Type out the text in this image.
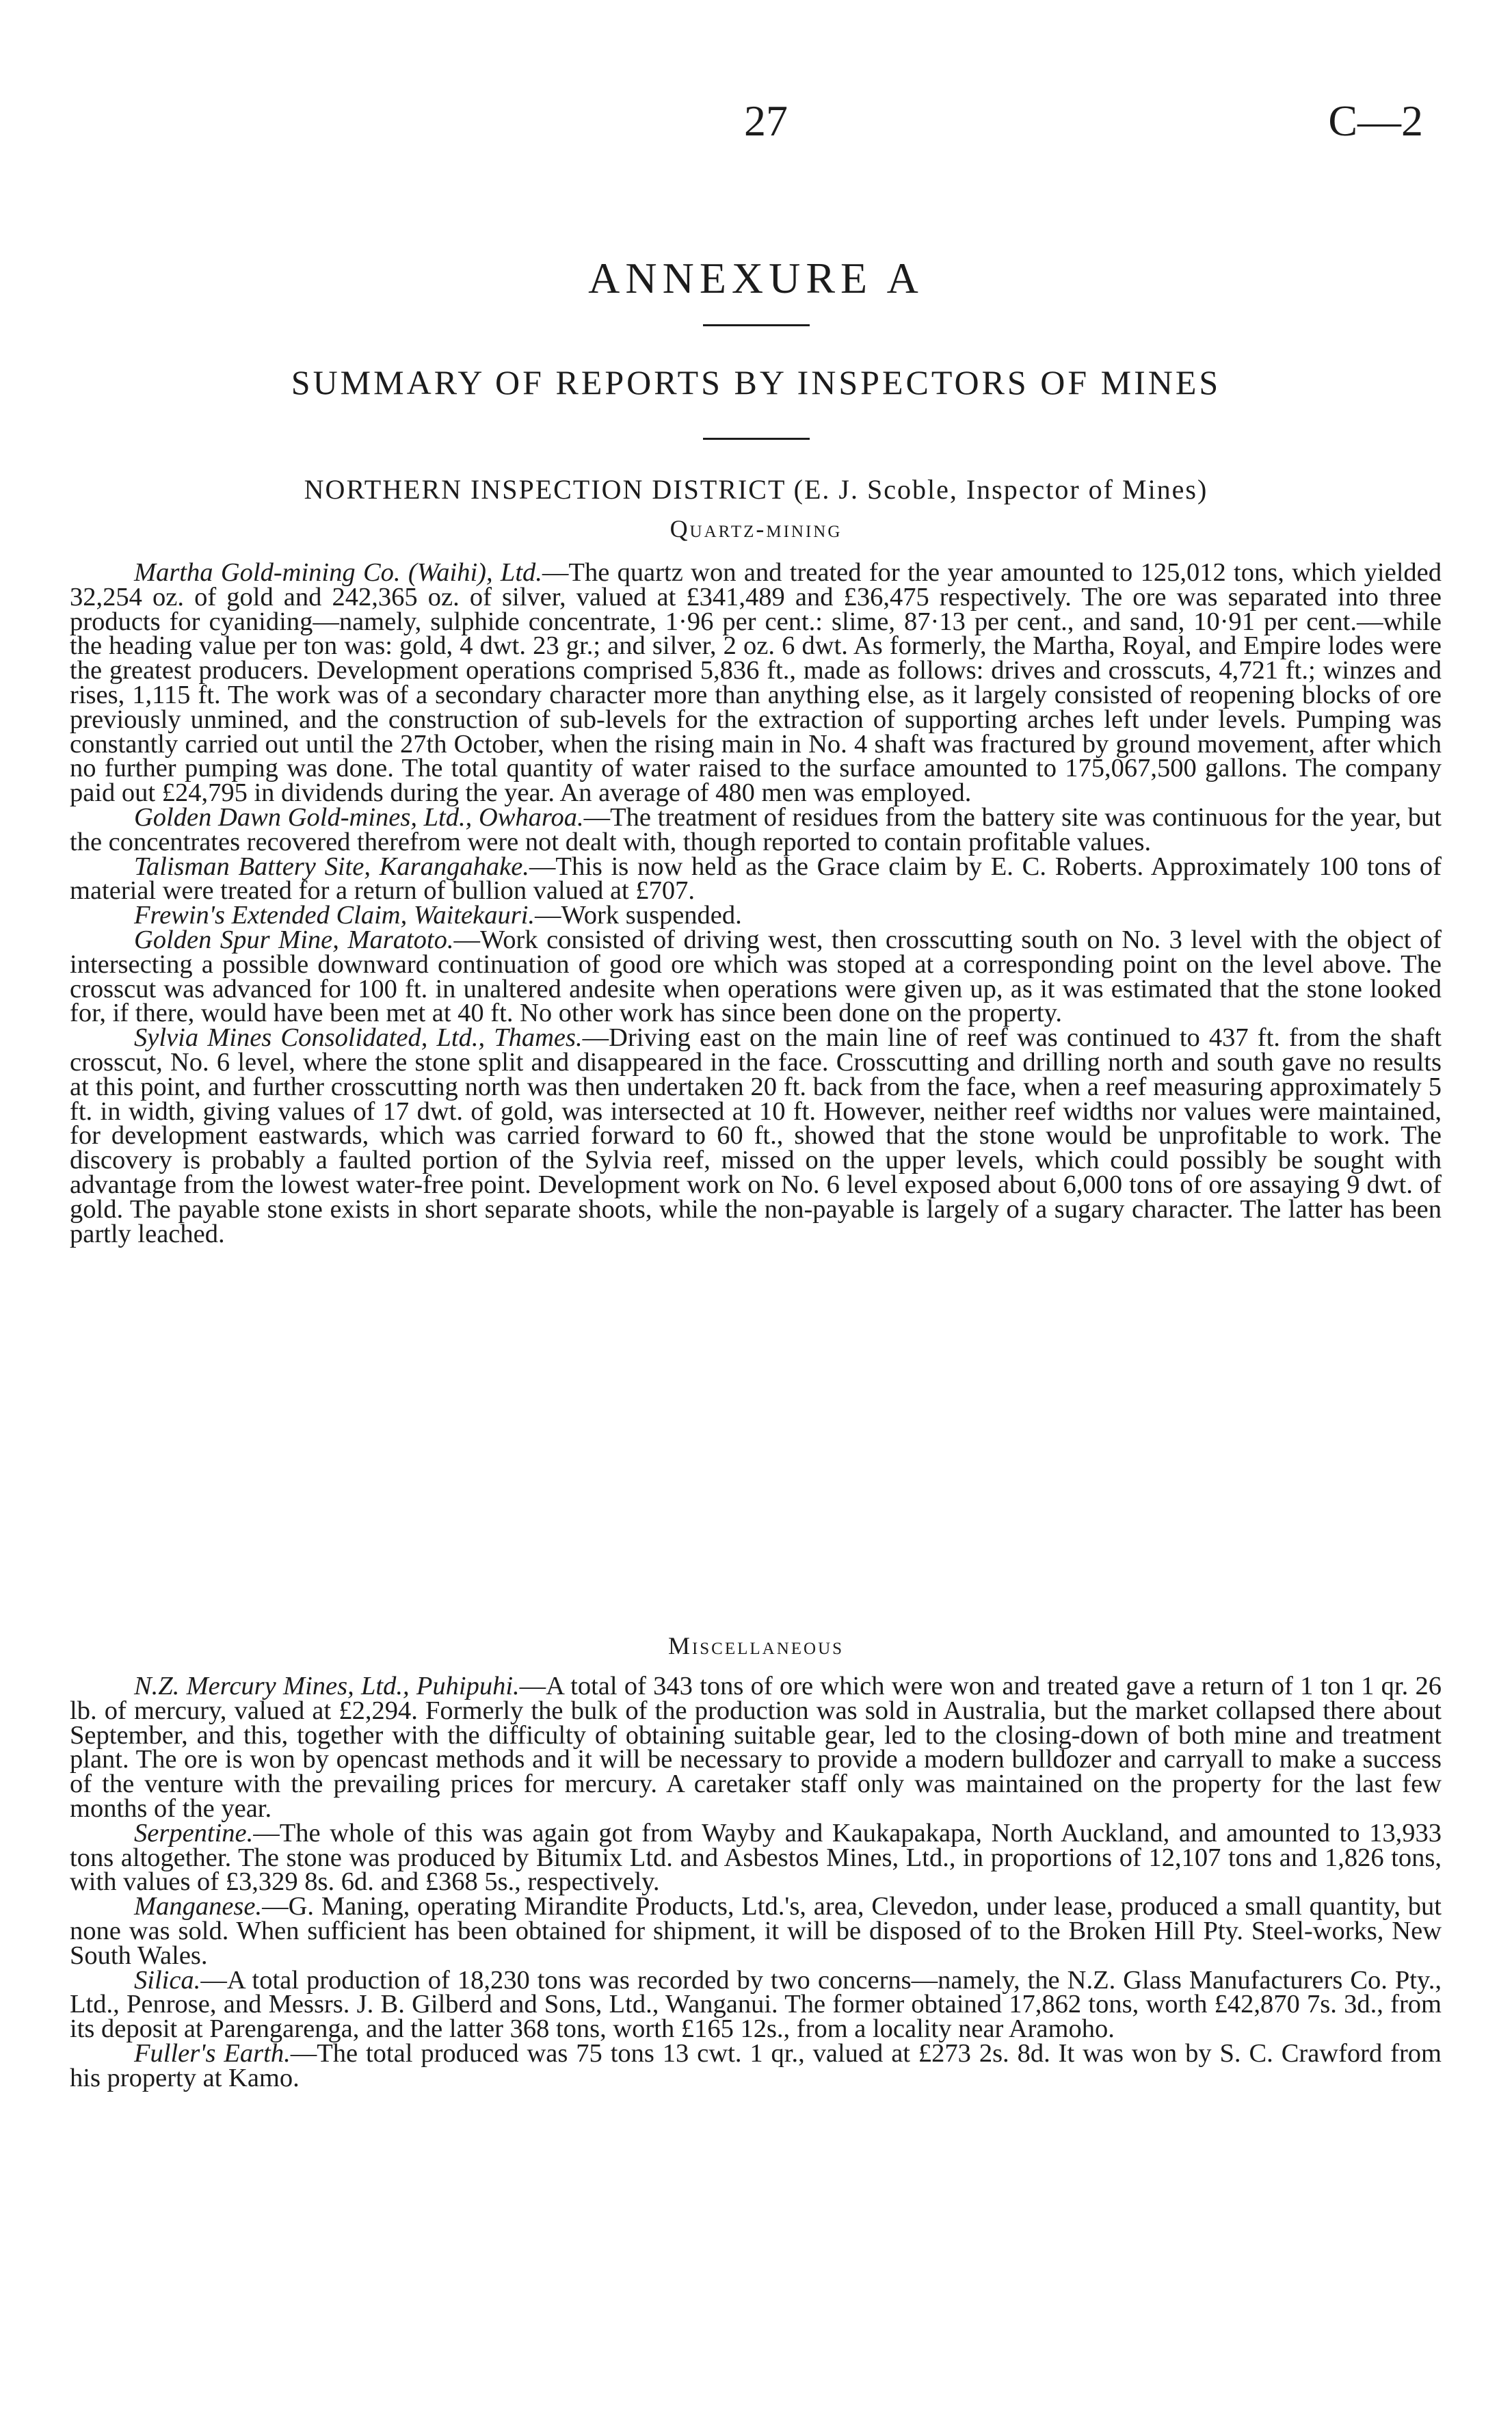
27	C—2
ANNEXURE A
SUMMARY OF REPORTS BY INSPECTORS OF MINES
NORTHERN INSPECTION DISTRICT (E. J. Scoble, Inspector of Mines)
Quartz-mining

Martha Gold-mining Co. (Waihi), Ltd.—The quartz won and treated for the year amounted to 125,012 tons, which yielded 32,254 oz. of gold and 242,365 oz. of silver, valued at £341,489 and £36,475 respectively. The ore was separated into three products for cyaniding—namely, sulphide concentrate, 1·96 per cent.: slime, 87·13 per cent., and sand, 10·91 per cent.—while the heading value per ton was: gold, 4 dwt. 23 gr.; and silver, 2 oz. 6 dwt. As formerly, the Martha, Royal, and Empire lodes were the greatest producers. Development operations comprised 5,836 ft., made as follows: drives and crosscuts, 4,721 ft.; winzes and rises, 1,115 ft. The work was of a secondary character more than anything else, as it largely consisted of reopening blocks of ore previously unmined, and the construction of sub-levels for the extraction of supporting arches left under levels. Pumping was constantly carried out until the 27th October, when the rising main in No. 4 shaft was fractured by ground movement, after which no further pumping was done. The total quantity of water raised to the surface amounted to 175,067,500 gallons. The company paid out £24,795 in dividends during the year. An average of 480 men was employed.

Golden Dawn Gold-mines, Ltd., Owharoa.—The treatment of residues from the battery site was continuous for the year, but the concentrates recovered therefrom were not dealt with, though reported to contain profitable values.

Talisman Battery Site, Karangahake.—This is now held as the Grace claim by E. C. Roberts. Approximately 100 tons of material were treated for a return of bullion valued at £707.

Frewin's Extended Claim, Waitekauri.—Work suspended.

Golden Spur Mine, Maratoto.—Work consisted of driving west, then crosscutting south on No. 3 level with the object of intersecting a possible downward continuation of good ore which was stoped at a corresponding point on the level above. The crosscut was advanced for 100 ft. in unaltered andesite when operations were given up, as it was estimated that the stone looked for, if there, would have been met at 40 ft. No other work has since been done on the property.

Sylvia Mines Consolidated, Ltd., Thames.—Driving east on the main line of reef was continued to 437 ft. from the shaft crosscut, No. 6 level, where the stone split and disappeared in the face. Crosscutting and drilling north and south gave no results at this point, and further crosscutting north was then undertaken 20 ft. back from the face, when a reef measuring approximately 5 ft. in width, giving values of 17 dwt. of gold, was intersected at 10 ft. However, neither reef widths nor values were maintained, for development eastwards, which was carried forward to 60 ft., showed that the stone would be unprofitable to work. The discovery is probably a faulted portion of the Sylvia reef, missed on the upper levels, which could possibly be sought with advantage from the lowest water-free point. Development work on No. 6 level exposed about 6,000 tons of ore assaying 9 dwt. of gold. The payable stone exists in short separate shoots, while the non-payable is largely of a sugary character. The latter has been partly leached.

Miscellaneous

N.Z. Mercury Mines, Ltd., Puhipuhi.—A total of 343 tons of ore which were won and treated gave a return of 1 ton 1 qr. 26 lb. of mercury, valued at £2,294. Formerly the bulk of the production was sold in Australia, but the market collapsed there about September, and this, together with the difficulty of obtaining suitable gear, led to the closing-down of both mine and treatment plant. The ore is won by opencast methods and it will be necessary to provide a modern bulldozer and carryall to make a success of the venture with the prevailing prices for mercury. A caretaker staff only was maintained on the property for the last few months of the year.

Serpentine.—The whole of this was again got from Wayby and Kaukapakapa, North Auckland, and amounted to 13,933 tons altogether. The stone was produced by Bitumix Ltd. and Asbestos Mines, Ltd., in proportions of 12,107 tons and 1,826 tons, with values of £3,329 8s. 6d. and £368 5s., respectively.

Manganese.—G. Maning, operating Mirandite Products, Ltd.'s, area, Clevedon, under lease, produced a small quantity, but none was sold. When sufficient has been obtained for shipment, it will be disposed of to the Broken Hill Pty. Steel-works, New South Wales.

Silica.—A total production of 18,230 tons was recorded by two concerns—namely, the N.Z. Glass Manufacturers Co. Pty., Ltd., Penrose, and Messrs. J. B. Gilberd and Sons, Ltd., Wanganui. The former obtained 17,862 tons, worth £42,870 7s. 3d., from its deposit at Parengarenga, and the latter 368 tons, worth £165 12s., from a locality near Aramoho.

Fuller's Earth.—The total produced was 75 tons 13 cwt. 1 qr., valued at £273 2s. 8d. It was won by S. C. Crawford from his property at Kamo.
